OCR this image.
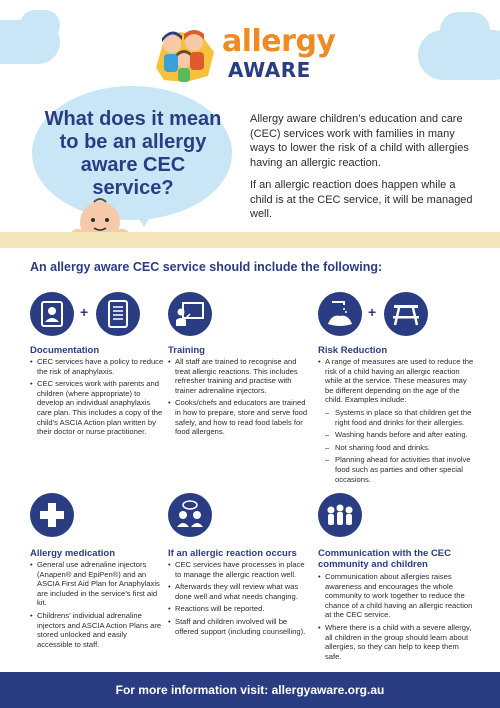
allergy
AWARE
What does it mean to be an allergy aware CEC service?

Allergy aware children’s education and care (CEC) services work with families in many ways to lower the risk of a child with allergies having an allergic reaction.

If an allergic reaction does happen while a child is at the CEC service, it will be managed well.

An allergy aware CEC service should include the following:
+	+
Documentation
• CEC services have a policy to reduce the risk of anaphylaxis.
• CEC services work with parents and children (where appropriate) to develop an individual anaphylaxis care plan. This includes a copy of the child’s ASCIA Action plan written by their doctor or nurse practitioner.
Training
• All staff are trained to recognise and treat allergic reactions. This includes refresher training and practise with trainer adrenaline injectors.
• Cooks/chefs and educators are trained in how to prepare, store and serve food safely, and how to read food labels for food allergens.
Risk Reduction
• A range of measures are used to reduce the risk of a child having an allergic reaction while at the service. These measures may be different depending on the age of the child. Examples include:
– Systems in place so that children get the right food and drinks for their allergies.
– Washing hands before and after eating.
– Not sharing food and drinks.
– Planning ahead for activities that involve food such as parties and other special occasions.
Allergy medication
• General use adrenaline injectors (Anapen® and EpiPen®) and an ASCIA First Aid Plan for Anaphylaxis are included in the service’s first aid kit.
• Childrens’ individual adrenaline injectors and ASCIA Action Plans are stored unlocked and easily accessible to staff.
If an allergic reaction occurs
• CEC services have processes in place to manage the allergic reaction well.
• Afterwards they will review what was done well and what needs changing.
• Reactions will be reported.
• Staff and children involved will be offered support (including counselling).
Communication with the CEC community and children
• Communication about allergies raises awareness and encourages the whole community to work together to reduce the chance of a child having an allergic reaction at the CEC service.
• Where there is a child with a severe allergy, all children in the group should learn about allergies, so they can help to keep them safe.
For more information visit: allergyaware.org.au
